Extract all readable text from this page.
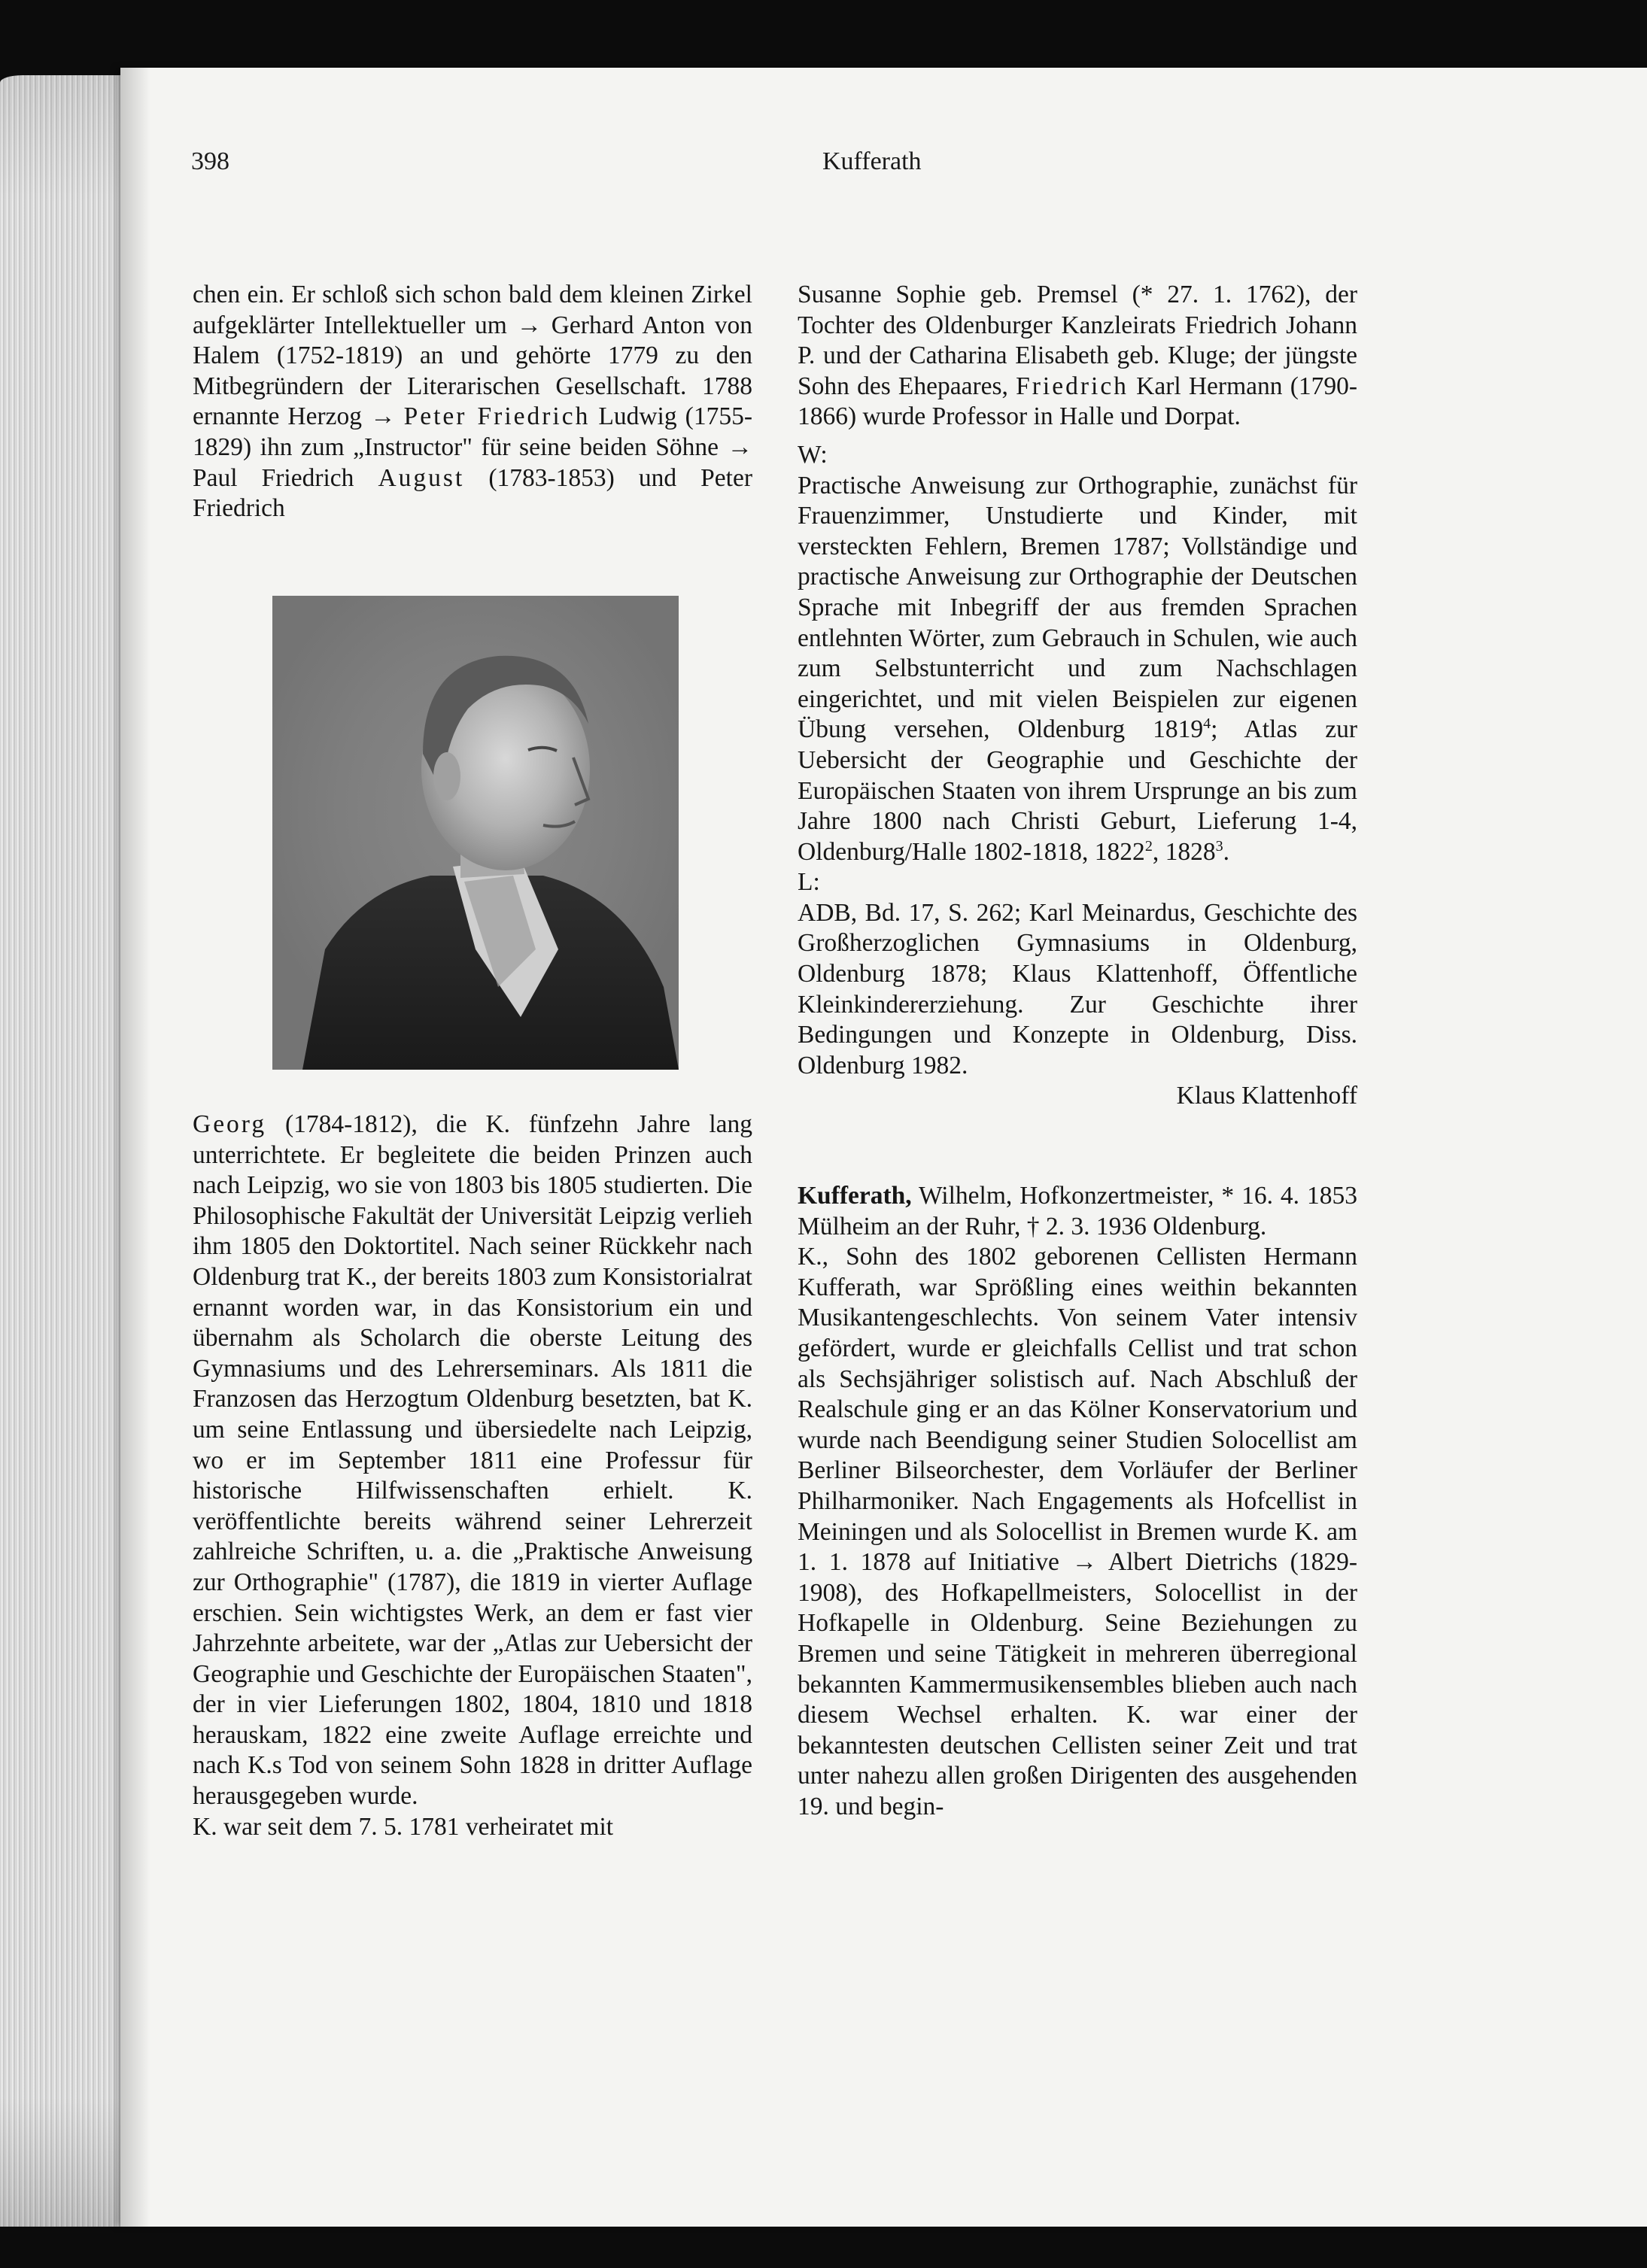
398	Kufferath

chen ein. Er schloß sich schon bald dem kleinen Zirkel aufgeklärter Intellektueller um → Gerhard Anton von Halem (1752-1819) an und gehörte 1779 zu den Mitbegründern der Literarischen Gesellschaft. 1788 ernannte Herzog → Peter Friedrich Ludwig (1755-1829) ihn zum „Instructor" für seine beiden Söhne → Paul Friedrich August (1783-1853) und Peter Friedrich

Georg (1784-1812), die K. fünfzehn Jahre lang unterrichtete. Er begleitete die beiden Prinzen auch nach Leipzig, wo sie von 1803 bis 1805 studierten. Die Philosophische Fakultät der Universität Leipzig verlieh ihm 1805 den Doktortitel. Nach seiner Rückkehr nach Oldenburg trat K., der bereits 1803 zum Konsistorialrat ernannt worden war, in das Konsistorium ein und übernahm als Scholarch die oberste Leitung des Gymnasiums und des Lehrerseminars. Als 1811 die Franzosen das Herzogtum Oldenburg besetzten, bat K. um seine Entlassung und übersiedelte nach Leipzig, wo er im September 1811 eine Professur für historische Hilfwissenschaften erhielt. K. veröffentlichte bereits während seiner Lehrerzeit zahlreiche Schriften, u. a. die „Praktische Anweisung zur Orthographie" (1787), die 1819 in vierter Auflage erschien. Sein wichtigstes Werk, an dem er fast vier Jahrzehnte arbeitete, war der „Atlas zur Uebersicht der Geographie und Geschichte der Europäischen Staaten", der in vier Lieferungen 1802, 1804, 1810 und 1818 herauskam, 1822 eine zweite Auflage erreichte und nach K.s Tod von seinem Sohn 1828 in dritter Auflage herausgegeben wurde.

K. war seit dem 7. 5. 1781 verheiratet mit

Susanne Sophie geb. Premsel (* 27. 1. 1762), der Tochter des Oldenburger Kanzleirats Friedrich Johann P. und der Catharina Elisabeth geb. Kluge; der jüngste Sohn des Ehepaares, Friedrich Karl Hermann (1790-1866) wurde Professor in Halle und Dorpat.

W:

Practische Anweisung zur Orthographie, zunächst für Frauenzimmer, Unstudierte und Kinder, mit versteckten Fehlern, Bremen 1787; Vollständige und practische Anweisung zur Orthographie der Deutschen Sprache mit Inbegriff der aus fremden Sprachen entlehnten Wörter, zum Gebrauch in Schulen, wie auch zum Selbstunterricht und zum Nachschlagen eingerichtet, und mit vielen Beispielen zur eigenen Übung versehen, Oldenburg 1819$^4$; Atlas zur Uebersicht der Geographie und Geschichte der Europäischen Staaten von ihrem Ursprunge an bis zum Jahre 1800 nach Christi Geburt, Lieferung 1-4, Oldenburg/Halle 1802-1818, 1822$^2$, 1828$^3$.

L:

ADB, Bd. 17, S. 262; Karl Meinardus, Geschichte des Großherzoglichen Gymnasiums in Oldenburg, Oldenburg 1878; Klaus Klattenhoff, Öffentliche Kleinkindererziehung. Zur Geschichte ihrer Bedingungen und Konzepte in Oldenburg, Diss. Oldenburg 1982.

Klaus Klattenhoff

Kufferath, Wilhelm, Hofkonzertmeister, * 16. 4. 1853 Mülheim an der Ruhr, † 2. 3. 1936 Oldenburg.

K., Sohn des 1802 geborenen Cellisten Hermann Kufferath, war Sprößling eines weithin bekannten Musikantengeschlechts. Von seinem Vater intensiv gefördert, wurde er gleichfalls Cellist und trat schon als Sechsjähriger solistisch auf. Nach Abschluß der Realschule ging er an das Kölner Konservatorium und wurde nach Beendigung seiner Studien Solocellist am Berliner Bilseorchester, dem Vorläufer der Berliner Philharmoniker. Nach Engagements als Hofcellist in Meiningen und als Solocellist in Bremen wurde K. am 1. 1. 1878 auf Initiative → Albert Dietrichs (1829-1908), des Hofkapellmeisters, Solocellist in der Hofkapelle in Oldenburg. Seine Beziehungen zu Bremen und seine Tätigkeit in mehreren überregional bekannten Kammermusikensembles blieben auch nach diesem Wechsel erhalten. K. war einer der bekanntesten deutschen Cellisten seiner Zeit und trat unter nahezu allen großen Dirigenten des ausgehenden 19. und begin-
